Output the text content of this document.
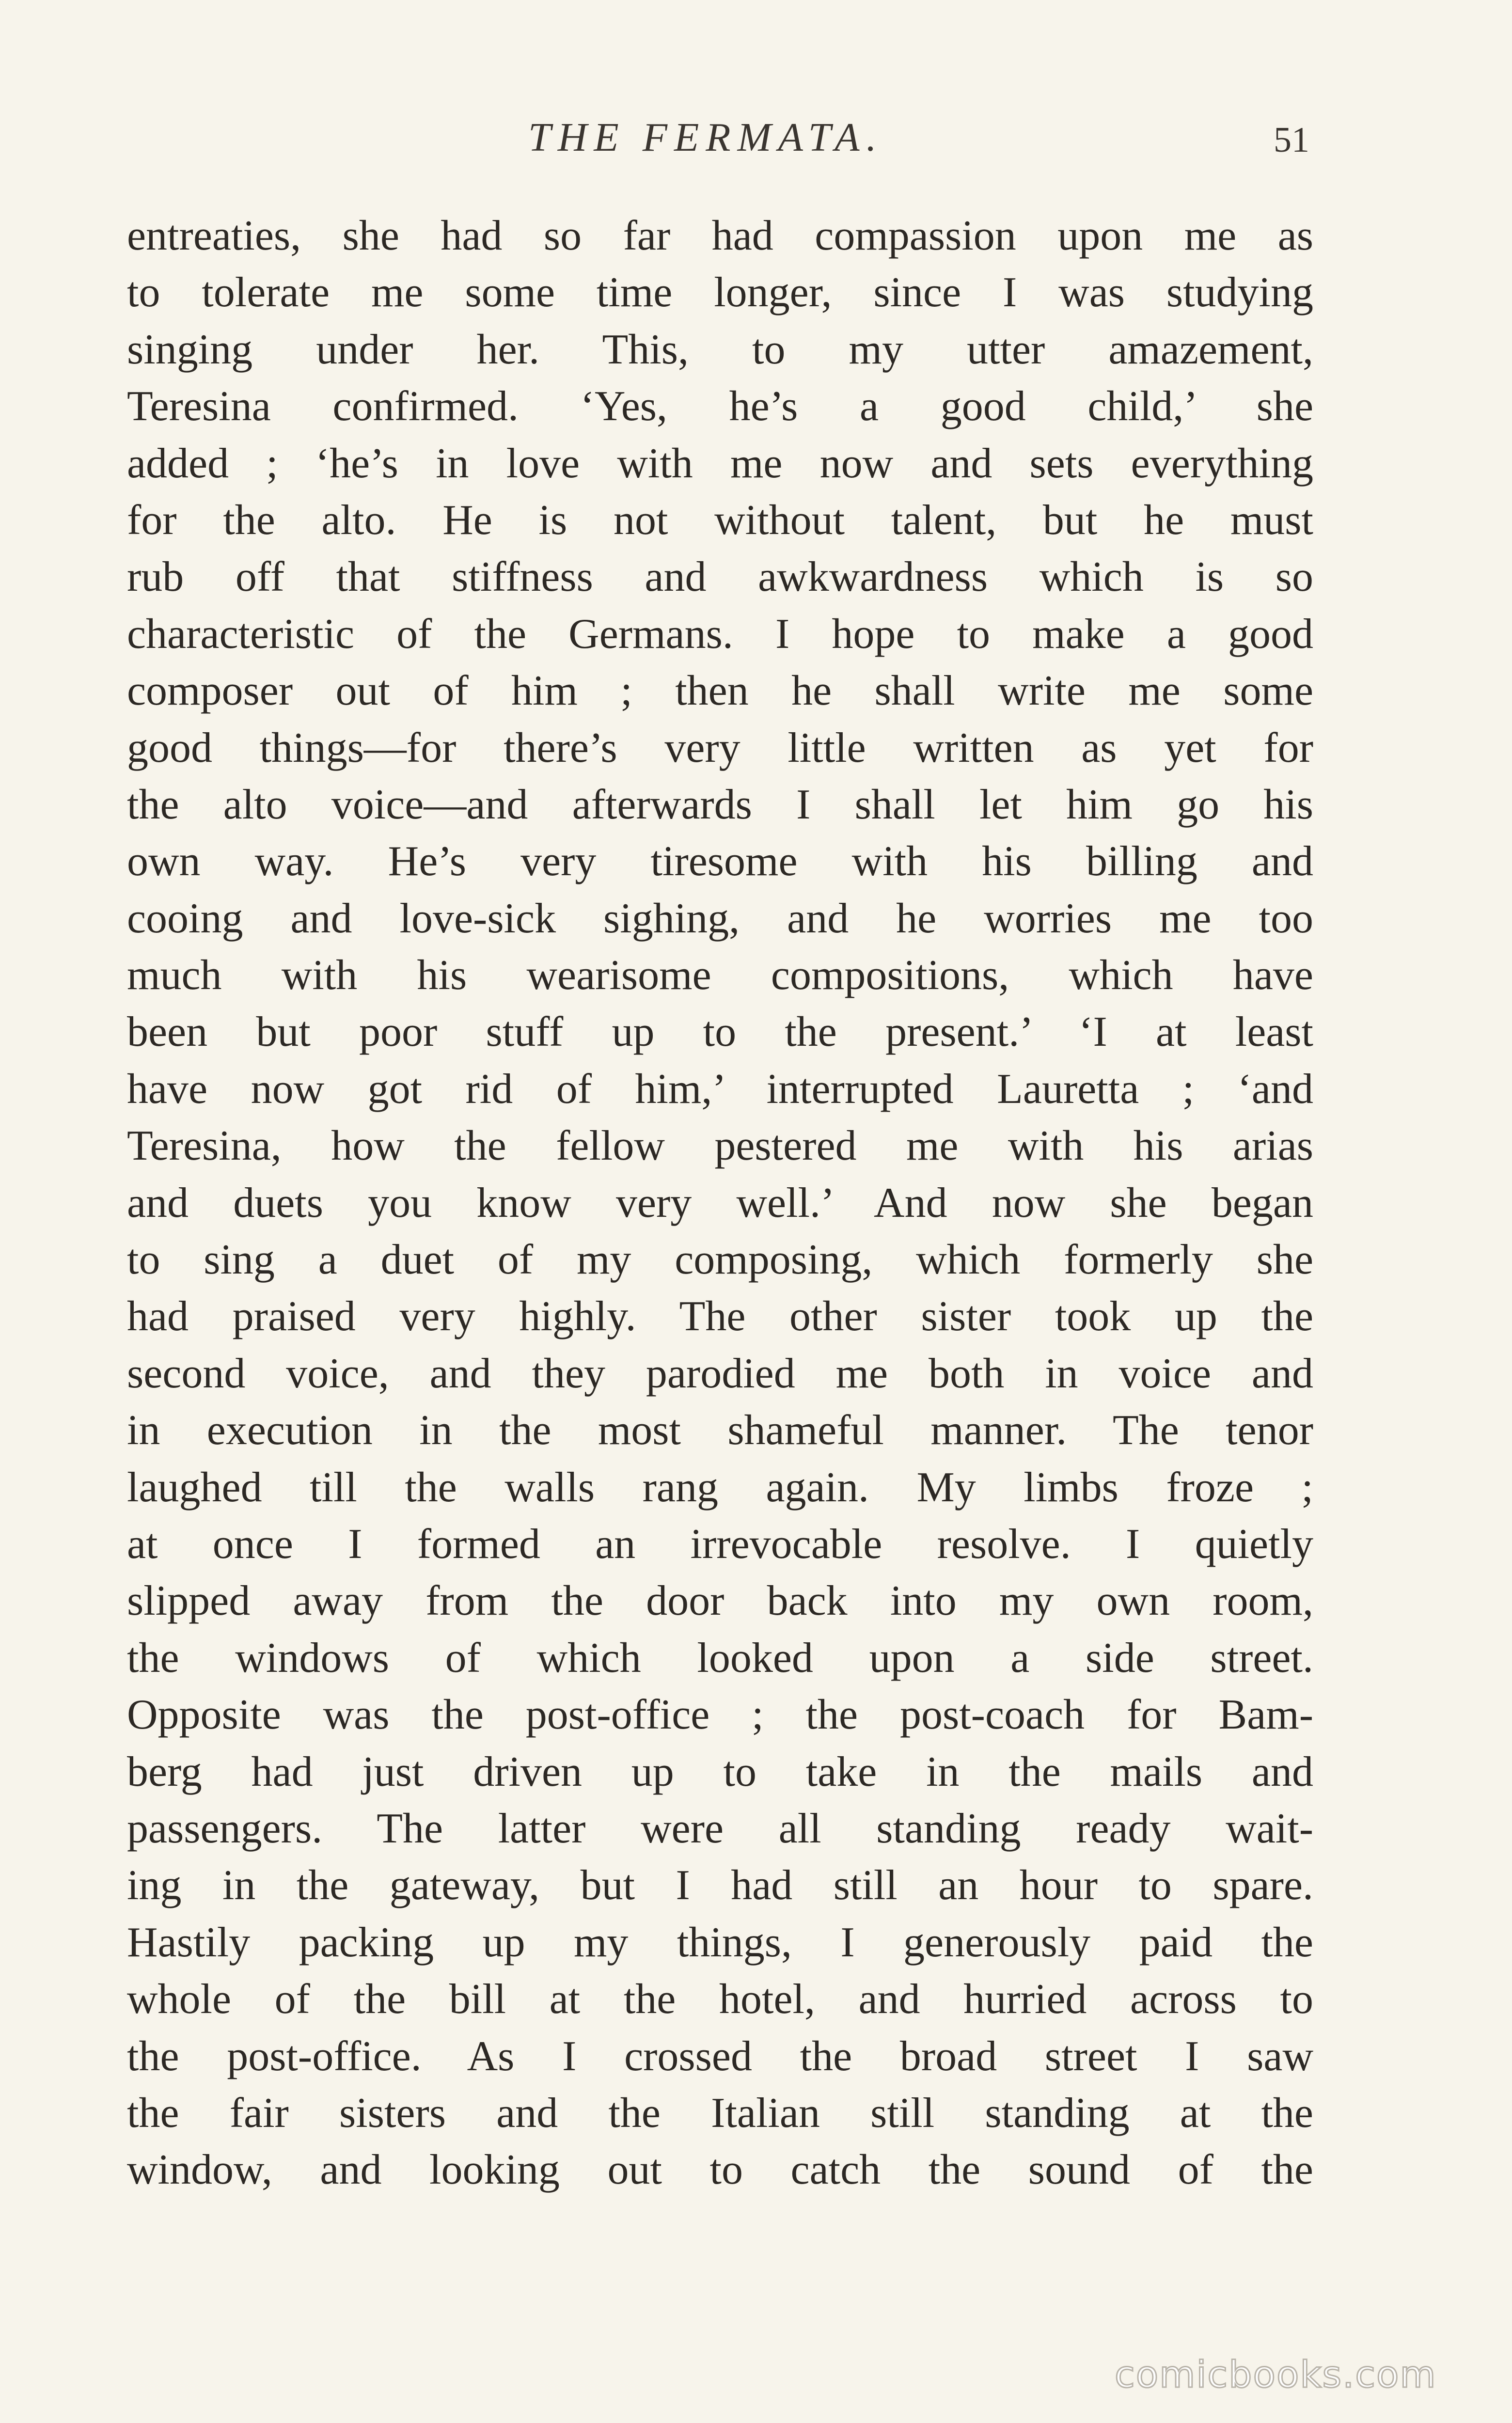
THE FERMATA.	51
entreaties, she had so far had compassion upon me as
to tolerate me some time longer, since I was studying
singing under her. This, to my utter amazement,
Teresina confirmed. ‘Yes, he’s a good child,’ she
added ; ‘he’s in love with me now and sets everything
for the alto. He is not without talent, but he must
rub off that stiffness and awkwardness which is so
characteristic of the Germans. I hope to make a good
composer out of him ; then he shall write me some
good things—for there’s very little written as yet for
the alto voice—and afterwards I shall let him go his
own way. He’s very tiresome with his billing and
cooing and love-sick sighing, and he worries me too
much with his wearisome compositions, which have
been but poor stuff up to the present.’ ‘I at least
have now got rid of him,’ interrupted Lauretta ; ‘and
Teresina, how the fellow pestered me with his arias
and duets you know very well.’ And now she began
to sing a duet of my composing, which formerly she
had praised very highly. The other sister took up the
second voice, and they parodied me both in voice and
in execution in the most shameful manner. The tenor
laughed till the walls rang again. My limbs froze ;
at once I formed an irrevocable resolve. I quietly
slipped away from the door back into my own room,
the windows of which looked upon a side street.
Opposite was the post-office ; the post-coach for Bam-
berg had just driven up to take in the mails and
passengers. The latter were all standing ready wait-
ing in the gateway, but I had still an hour to spare.
Hastily packing up my things, I generously paid the
whole of the bill at the hotel, and hurried across to
the post-office. As I crossed the broad street I saw
the fair sisters and the Italian still standing at the
window, and looking out to catch the sound of the
comicbooks.com
